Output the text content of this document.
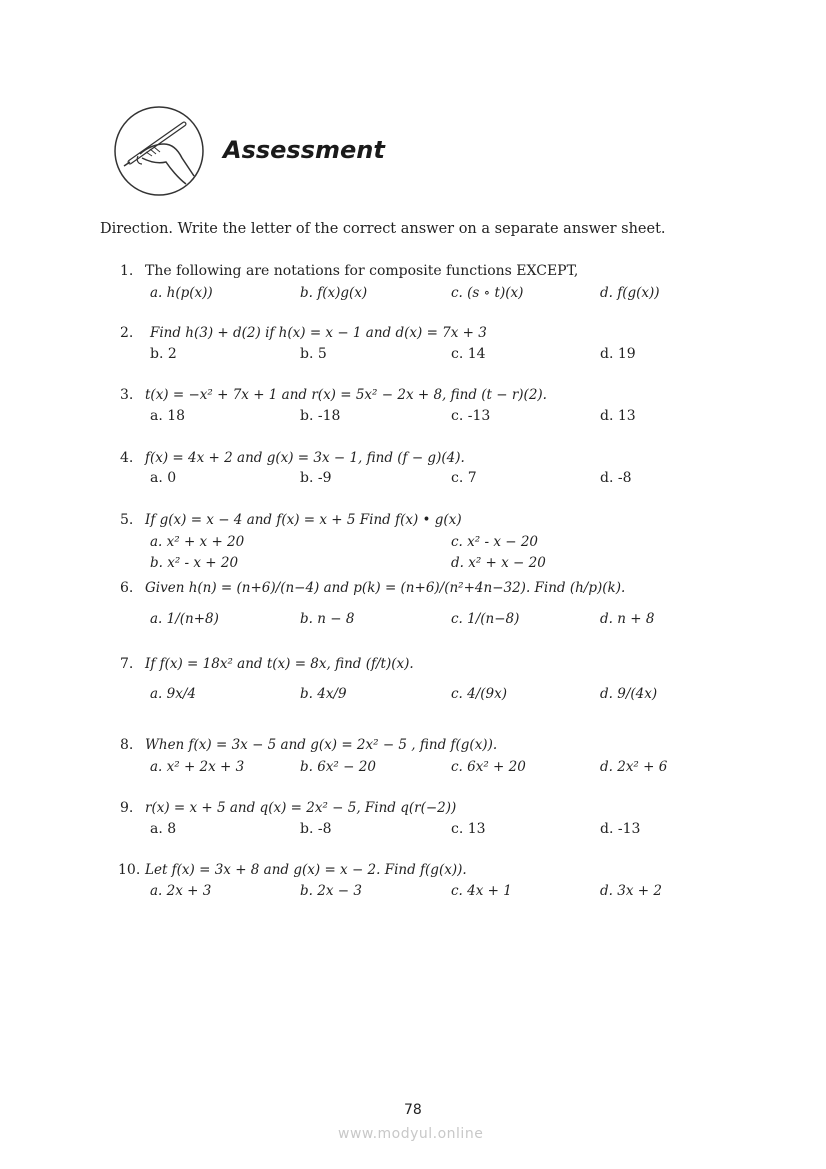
Assessment
Direction. Write the letter of the correct answer on a separate answer sheet.
1. The following are notations for composite functions EXCEPT,
a. h(p(x))	b. f(x)g(x)	c. (s ∘ t)(x)	d. f(g(x))
2. Find h(3) + d(2) if h(x) = x − 1 and d(x) = 7x + 3
b. 2	b. 5	c. 14	d. 19
3. t(x) = −x² + 7x + 1 and r(x) = 5x² − 2x + 8, find (t − r)(2).
a. 18	b. -18	c. -13	d. 13
4. f(x) = 4x + 2 and g(x) = 3x − 1, find (f − g)(4).
a. 0	b. -9	c. 7	d. -8
5. If g(x) = x − 4 and f(x) = x + 5 Find f(x) • g(x)
a. x² + x + 20	c. x² - x − 20
b. x² - x + 20	d. x² + x − 20
6. Given h(n) = (n+6)/(n−4) and p(k) = (n+6)/(n²+4n−32). Find (h/p)(k).
a. 1/(n+8)	b. n − 8	c. 1/(n−8)	d. n + 8
7. If f(x) = 18x² and t(x) = 8x, find (f/t)(x).
a. 9x/4	b. 4x/9	c. 4/(9x)	d. 9/(4x)
8. When f(x) = 3x − 5 and g(x) = 2x² − 5 , find f(g(x)).
a. x² + 2x + 3	b. 6x² − 20	c. 6x² + 20	d. 2x² + 6
9. r(x) = x + 5 and q(x) = 2x² − 5, Find q(r(−2))
a. 8	b. -8	c. 13	d. -13
10. Let f(x) = 3x + 8 and g(x) = x − 2. Find f(g(x)).
a. 2x + 3	b. 2x − 3	c. 4x + 1	d. 3x + 2
78
www.modyul.online
